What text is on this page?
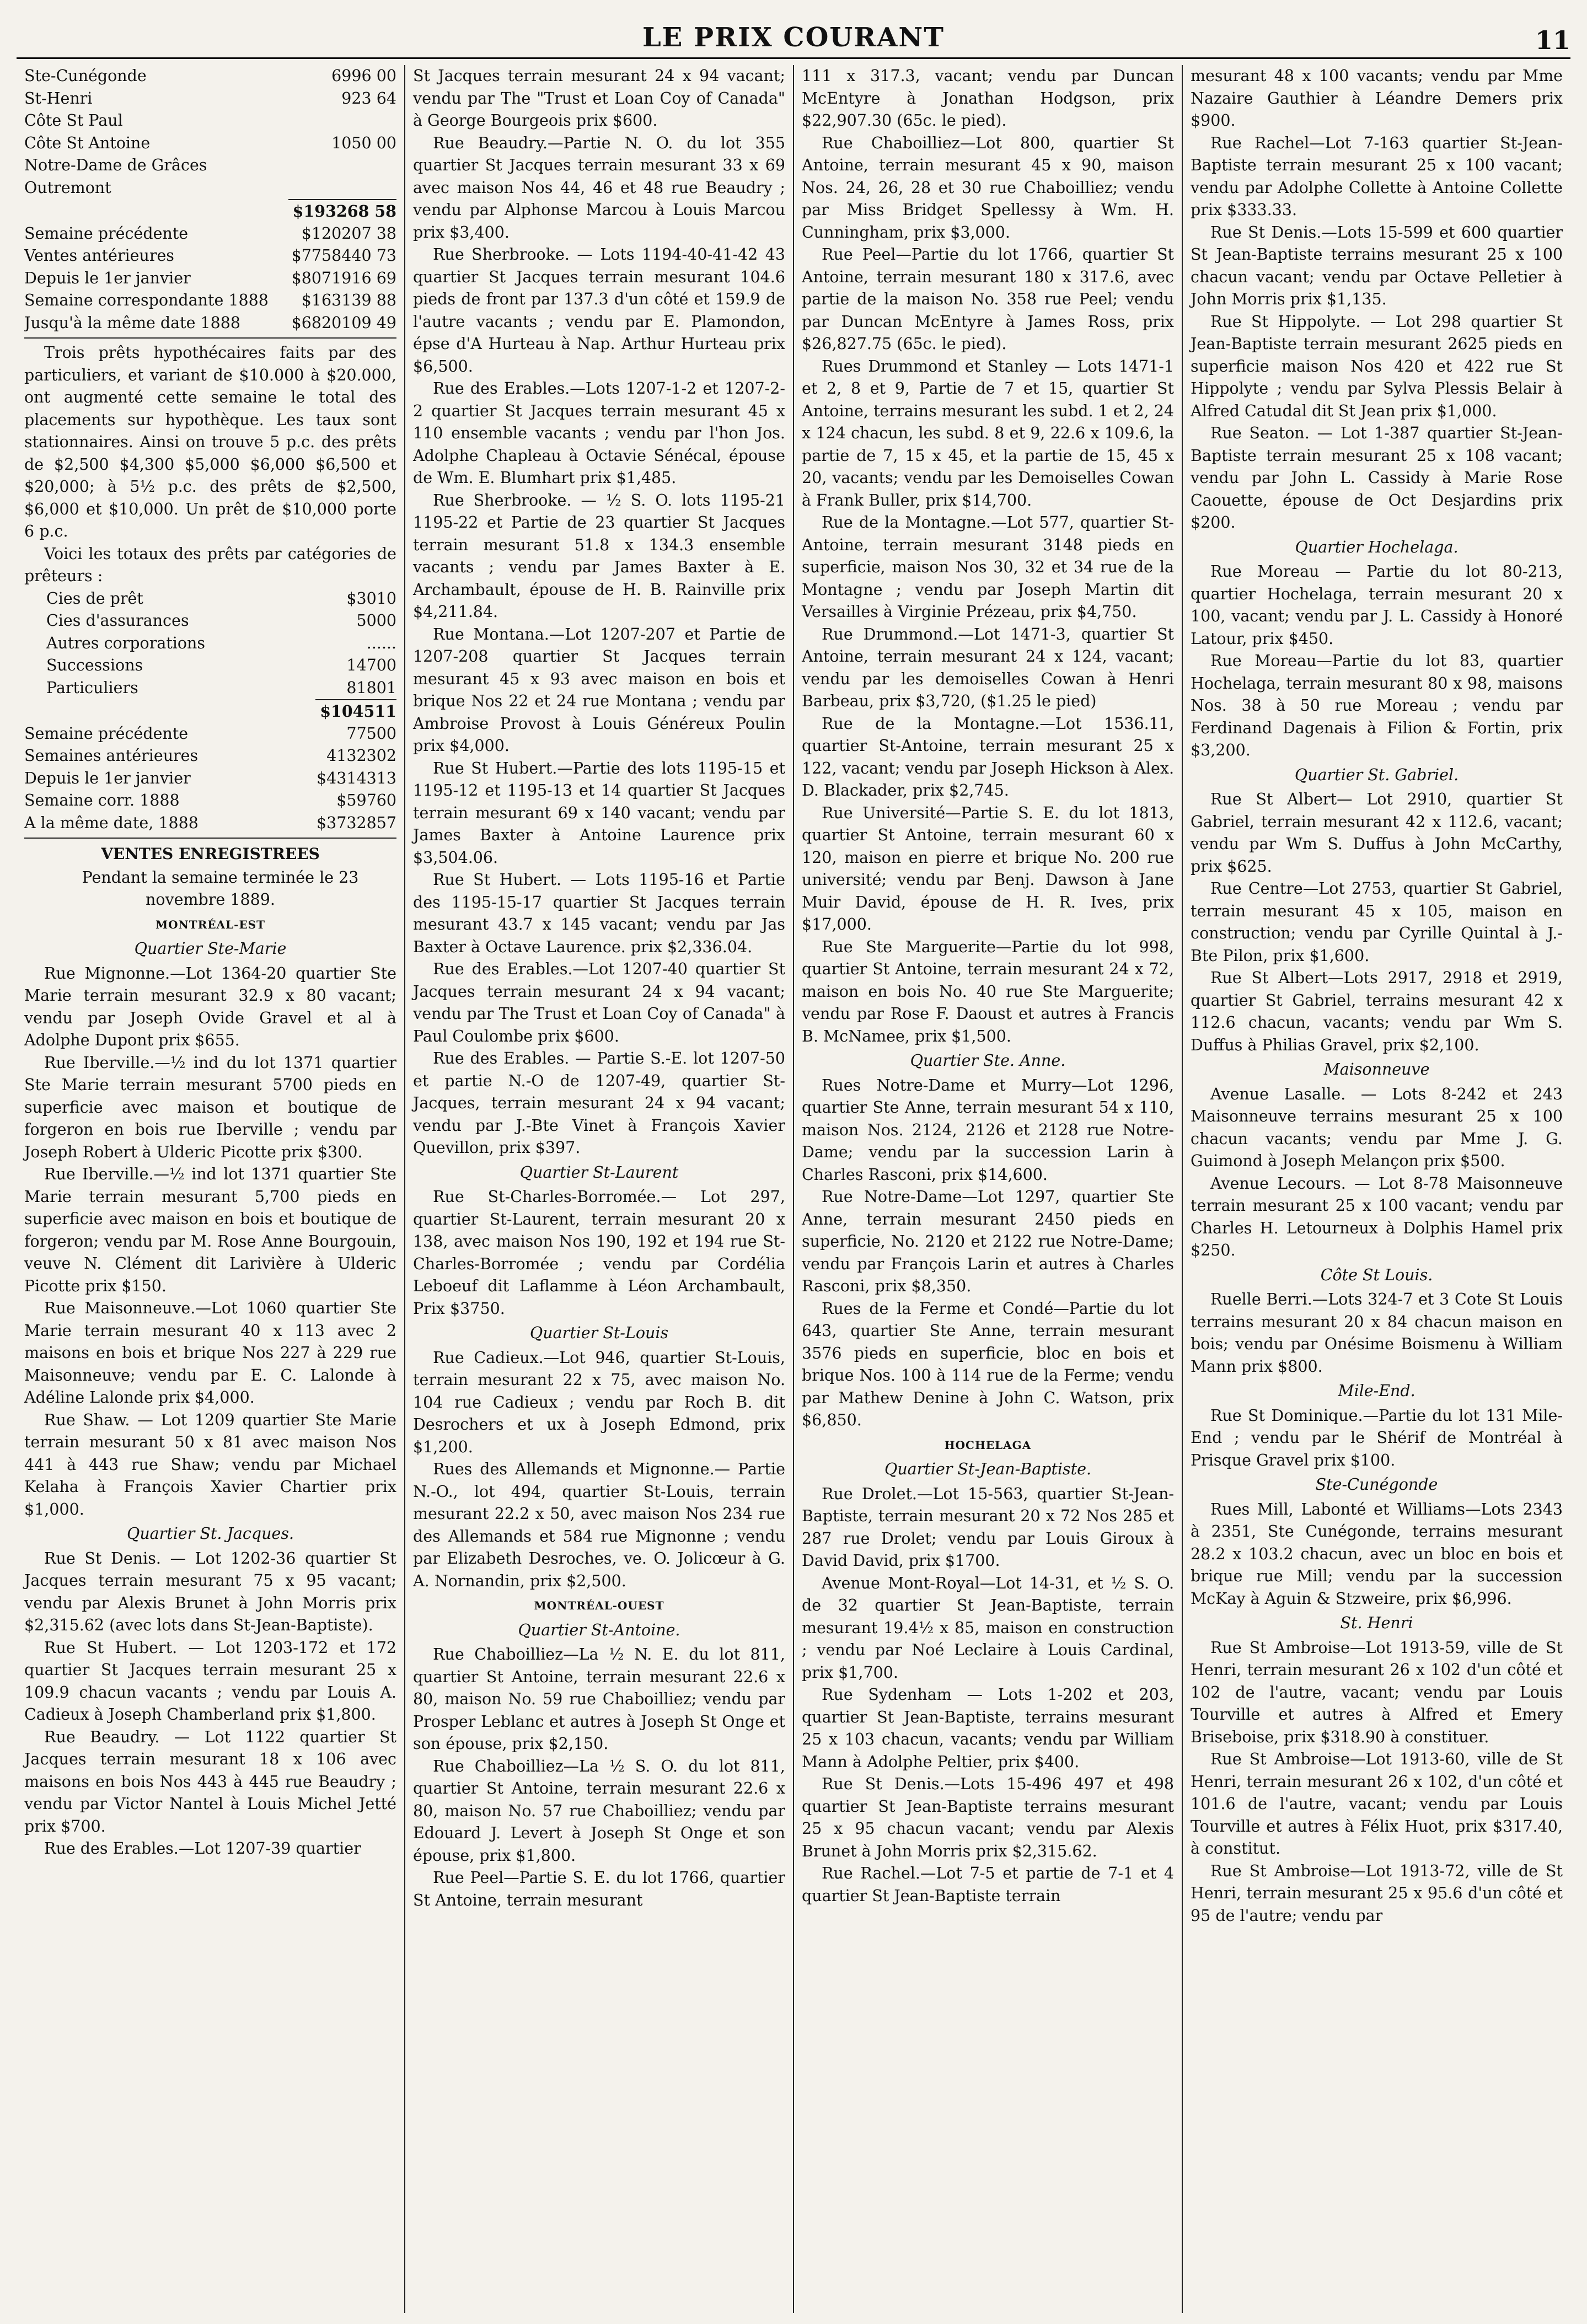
LE PRIX COURANT	11
Ste-Cunégonde	6996 00
St-Henri	923 64
Côte St Paul
Côte St Antoine	1050 00
Notre-Dame de Grâces
Outremont
$193268 58
Semaine précédente	$120207 38
Ventes antérieures	$7758440 73
Depuis le 1er janvier	$8071916 69
Semaine correspondante 1888 $163139 88
Jusqu'à la même date 1888	$6820109 49

Trois prêts hypothécaires faits par des particuliers, et variant de $10.000 à $20.000, ont augmenté cette semaine le total des placements sur hypothèque. Les taux sont stationnaires. Ainsi on trouve 5 p.c. des prêts de $2,500 $4,300 $5,000 $6,000 $6,500 et $20,000; à 5½ p.c. des prêts de $2,500, $6,000 et $10,000. Un prêt de $10,000 porte 6 p.c.

Voici les totaux des prêts par catégories de prêteurs :

Cies de prêt	$3010
Cies d'assurances	5000
Autres corporations	......
Successions	14700
Particuliers	81801
$104511
Semaine précédente	77500
Semaines antérieures	4132302
Depuis le 1er janvier	$4314313
Semaine corr. 1888	$59760
A la même date, 1888	$3732857
VENTES ENREGISTREES

Pendant la semaine terminée le 23 novembre 1889.

MONTRÉAL-EST
Quartier Ste-Marie

Rue Mignonne.—Lot 1364-20 quartier Ste Marie terrain mesurant 32.9 x 80 vacant; vendu par Joseph Ovide Gravel et al à Adolphe Dupont prix $655.

Rue Iberville.—½ ind du lot 1371 quartier Ste Marie terrain mesurant 5700 pieds en superficie avec maison et boutique de forgeron en bois rue Iberville ; vendu par Joseph Robert à Ulderic Picotte prix $300.

Rue Iberville.—½ ind lot 1371 quartier Ste Marie terrain mesurant 5,700 pieds en superficie avec maison en bois et boutique de forgeron; vendu par M. Rose Anne Bourgouin, veuve N. Clément dit Larivière à Ulderic Picotte prix $150.

Rue Maisonneuve.—Lot 1060 quartier Ste Marie terrain mesurant 40 x 113 avec 2 maisons en bois et brique Nos 227 à 229 rue Maisonneuve; vendu par E. C. Lalonde à Adéline Lalonde prix $4,000.

Rue Shaw. — Lot 1209 quartier Ste Marie terrain mesurant 50 x 81 avec maison Nos 441 à 443 rue Shaw; vendu par Michael Kelaha à François Xavier Chartier prix $1,000.

Quartier St. Jacques.

Rue St Denis. — Lot 1202-36 quartier St Jacques terrain mesurant 75 x 95 vacant; vendu par Alexis Brunet à John Morris prix $2,315.62 (avec lots dans St-Jean-Baptiste).

Rue St Hubert. — Lot 1203-172 et 172 quartier St Jacques terrain mesurant 25 x 109.9 chacun vacants ; vendu par Louis A. Cadieux à Joseph Chamberland prix $1,800.

Rue Beaudry. — Lot 1122 quartier St Jacques terrain mesurant 18 x 106 avec maisons en bois Nos 443 à 445 rue Beaudry ; vendu par Victor Nantel à Louis Michel Jetté prix $700.

Rue des Erables.—Lot 1207-39 quartier

St Jacques terrain mesurant 24 x 94 vacant; vendu par The "Trust et Loan Coy of Canada" à George Bourgeois prix $600.

Rue Beaudry.—Partie N. O. du lot 355 quartier St Jacques terrain mesurant 33 x 69 avec maison Nos 44, 46 et 48 rue Beaudry ; vendu par Alphonse Marcou à Louis Marcou prix $3,400.

Rue Sherbrooke. — Lots 1194-40-41-42 43 quartier St Jacques terrain mesurant 104.6 pieds de front par 137.3 d'un côté et 159.9 de l'autre vacants ; vendu par E. Plamondon, épse d'A Hurteau à Nap. Arthur Hurteau prix $6,500.

Rue des Erables.—Lots 1207-1-2 et 1207-2-2 quartier St Jacques terrain mesurant 45 x 110 ensemble vacants ; vendu par l'hon Jos. Adolphe Chapleau à Octavie Sénécal, épouse de Wm. E. Blumhart prix $1,485.

Rue Sherbrooke. — ½ S. O. lots 1195-21 1195-22 et Partie de 23 quartier St Jacques terrain mesurant 51.8 x 134.3 ensemble vacants ; vendu par James Baxter à E. Archambault, épouse de H. B. Rainville prix $4,211.84.

Rue Montana.—Lot 1207-207 et Partie de 1207-208 quartier St Jacques terrain mesurant 45 x 93 avec maison en bois et brique Nos 22 et 24 rue Montana ; vendu par Ambroise Provost à Louis Généreux Poulin prix $4,000.

Rue St Hubert.—Partie des lots 1195-15 et 1195-12 et 1195-13 et 14 quartier St Jacques terrain mesurant 69 x 140 vacant; vendu par James Baxter à Antoine Laurence prix $3,504.06.

Rue St Hubert. — Lots 1195-16 et Partie des 1195-15-17 quartier St Jacques terrain mesurant 43.7 x 145 vacant; vendu par Jas Baxter à Octave Laurence. prix $2,336.04.

Rue des Erables.—Lot 1207-40 quartier St Jacques terrain mesurant 24 x 94 vacant; vendu par The Trust et Loan Coy of Canada" à Paul Coulombe prix $600.

Rue des Erables. — Partie S.-E. lot 1207-50 et partie N.-O de 1207-49, quartier St-Jacques, terrain mesurant 24 x 94 vacant; vendu par J.-Bte Vinet à François Xavier Quevillon, prix $397.

Quartier St-Laurent

Rue St-Charles-Borromée.— Lot 297, quartier St-Laurent, terrain mesurant 20 x 138, avec maison Nos 190, 192 et 194 rue St-Charles-Borromée ; vendu par Cordélia Leboeuf dit Laflamme à Léon Archambault, Prix $3750.

Quartier St-Louis

Rue Cadieux.—Lot 946, quartier St-Louis, terrain mesurant 22 x 75, avec maison No. 104 rue Cadieux ; vendu par Roch B. dit Desrochers et ux à Joseph Edmond, prix $1,200.

Rues des Allemands et Mignonne.— Partie N.-O., lot 494, quartier St-Louis, terrain mesurant 22.2 x 50, avec maison Nos 234 rue des Allemands et 584 rue Mignonne ; vendu par Elizabeth Desroches, ve. O. Jolicœur à G. A. Nornandin, prix $2,500.

MONTRÉAL-OUEST
Quartier St-Antoine.

Rue Chaboilliez—La ½ N. E. du lot 811, quartier St Antoine, terrain mesurant 22.6 x 80, maison No. 59 rue Chaboilliez; vendu par Prosper Leblanc et autres à Joseph St Onge et son épouse, prix $2,150.

Rue Chaboilliez—La ½ S. O. du lot 811, quartier St Antoine, terrain mesurant 22.6 x 80, maison No. 57 rue Chaboilliez; vendu par Edouard J. Levert à Joseph St Onge et son épouse, prix $1,800.

Rue Peel—Partie S. E. du lot 1766, quartier St Antoine, terrain mesurant

111 x 317.3, vacant; vendu par Duncan McEntyre à Jonathan Hodgson, prix $22,907.30 (65c. le pied).

Rue Chaboilliez—Lot 800, quartier St Antoine, terrain mesurant 45 x 90, maison Nos. 24, 26, 28 et 30 rue Chaboilliez; vendu par Miss Bridget Spellessy à Wm. H. Cunningham, prix $3,000.

Rue Peel—Partie du lot 1766, quartier St Antoine, terrain mesurant 180 x 317.6, avec partie de la maison No. 358 rue Peel; vendu par Duncan McEntyre à James Ross, prix $26,827.75 (65c. le pied).

Rues Drummond et Stanley — Lots 1471-1 et 2, 8 et 9, Partie de 7 et 15, quartier St Antoine, terrains mesurant les subd. 1 et 2, 24 x 124 chacun, les subd. 8 et 9, 22.6 x 109.6, la partie de 7, 15 x 45, et la partie de 15, 45 x 20, vacants; vendu par les Demoiselles Cowan à Frank Buller, prix $14,700.

Rue de la Montagne.—Lot 577, quartier St-Antoine, terrain mesurant 3148 pieds en superficie, maison Nos 30, 32 et 34 rue de la Montagne ; vendu par Joseph Martin dit Versailles à Virginie Prézeau, prix $4,750.

Rue Drummond.—Lot 1471-3, quartier St Antoine, terrain mesurant 24 x 124, vacant; vendu par les demoiselles Cowan à Henri Barbeau, prix $3,720, ($1.25 le pied)

Rue de la Montagne.—Lot 1536.11, quartier St-Antoine, terrain mesurant 25 x 122, vacant; vendu par Joseph Hickson à Alex. D. Blackader, prix $2,745.

Rue Université—Partie S. E. du lot 1813, quartier St Antoine, terrain mesurant 60 x 120, maison en pierre et brique No. 200 rue université; vendu par Benj. Dawson à Jane Muir David, épouse de H. R. Ives, prix $17,000.

Rue Ste Marguerite—Partie du lot 998, quartier St Antoine, terrain mesurant 24 x 72, maison en bois No. 40 rue Ste Marguerite; vendu par Rose F. Daoust et autres à Francis B. McNamee, prix $1,500.

Quartier Ste. Anne.

Rues Notre-Dame et Murry—Lot 1296, quartier Ste Anne, terrain mesurant 54 x 110, maison Nos. 2124, 2126 et 2128 rue Notre-Dame; vendu par la succession Larin à Charles Rasconi, prix $14,600.

Rue Notre-Dame—Lot 1297, quartier Ste Anne, terrain mesurant 2450 pieds en superficie, No. 2120 et 2122 rue Notre-Dame; vendu par François Larin et autres à Charles Rasconi, prix $8,350.

Rues de la Ferme et Condé—Partie du lot 643, quartier Ste Anne, terrain mesurant 3576 pieds en superficie, bloc en bois et brique Nos. 100 à 114 rue de la Ferme; vendu par Mathew Denine à John C. Watson, prix $6,850.

HOCHELAGA
Quartier St-Jean-Baptiste.

Rue Drolet.—Lot 15-563, quartier St-Jean-Baptiste, terrain mesurant 20 x 72 Nos 285 et 287 rue Drolet; vendu par Louis Giroux à David David, prix $1700.

Avenue Mont-Royal—Lot 14-31, et ½ S. O. de 32 quartier St Jean-Baptiste, terrain mesurant 19.4½ x 85, maison en construction ; vendu par Noé Leclaire à Louis Cardinal, prix $1,700.

Rue Sydenham — Lots 1-202 et 203, quartier St Jean-Baptiste, terrains mesurant 25 x 103 chacun, vacants; vendu par William Mann à Adolphe Peltier, prix $400.

Rue St Denis.—Lots 15-496 497 et 498 quartier St Jean-Baptiste terrains mesurant 25 x 95 chacun vacant; vendu par Alexis Brunet à John Morris prix $2,315.62.

Rue Rachel.—Lot 7-5 et partie de 7-1 et 4 quartier St Jean-Baptiste terrain

mesurant 48 x 100 vacants; vendu par Mme Nazaire Gauthier à Léandre Demers prix $900.

Rue Rachel—Lot 7-163 quartier St-Jean-Baptiste terrain mesurant 25 x 100 vacant; vendu par Adolphe Collette à Antoine Collette prix $333.33.

Rue St Denis.—Lots 15-599 et 600 quartier St Jean-Baptiste terrains mesurant 25 x 100 chacun vacant; vendu par Octave Pelletier à John Morris prix $1,135.

Rue St Hippolyte. — Lot 298 quartier St Jean-Baptiste terrain mesurant 2625 pieds en superficie maison Nos 420 et 422 rue St Hippolyte ; vendu par Sylva Plessis Belair à Alfred Catudal dit St Jean prix $1,000.

Rue Seaton. — Lot 1-387 quartier St-Jean-Baptiste terrain mesurant 25 x 108 vacant; vendu par John L. Cassidy à Marie Rose Caouette, épouse de Oct Desjardins prix $200.

Quartier Hochelaga.

Rue Moreau — Partie du lot 80-213, quartier Hochelaga, terrain mesurant 20 x 100, vacant; vendu par J. L. Cassidy à Honoré Latour, prix $450.

Rue Moreau—Partie du lot 83, quartier Hochelaga, terrain mesurant 80 x 98, maisons Nos. 38 à 50 rue Moreau ; vendu par Ferdinand Dagenais à Filion & Fortin, prix $3,200.

Quartier St. Gabriel.

Rue St Albert— Lot 2910, quartier St Gabriel, terrain mesurant 42 x 112.6, vacant; vendu par Wm S. Duffus à John McCarthy, prix $625.

Rue Centre—Lot 2753, quartier St Gabriel, terrain mesurant 45 x 105, maison en construction; vendu par Cyrille Quintal à J.-Bte Pilon, prix $1,600.

Rue St Albert—Lots 2917, 2918 et 2919, quartier St Gabriel, terrains mesurant 42 x 112.6 chacun, vacants; vendu par Wm S. Duffus à Philias Gravel, prix $2,100.

Maisonneuve

Avenue Lasalle. — Lots 8-242 et 243 Maisonneuve terrains mesurant 25 x 100 chacun vacants; vendu par Mme J. G. Guimond à Joseph Melançon prix $500.

Avenue Lecours. — Lot 8-78 Maisonneuve terrain mesurant 25 x 100 vacant; vendu par Charles H. Letourneux à Dolphis Hamel prix $250.

Côte St Louis.

Ruelle Berri.—Lots 324-7 et 3 Cote St Louis terrains mesurant 20 x 84 chacun maison en bois; vendu par Onésime Boismenu à William Mann prix $800.

Mile-End.

Rue St Dominique.—Partie du lot 131 Mile-End ; vendu par le Shérif de Montréal à Prisque Gravel prix $100.

Ste-Cunégonde

Rues Mill, Labonté et Williams—Lots 2343 à 2351, Ste Cunégonde, terrains mesurant 28.2 x 103.2 chacun, avec un bloc en bois et brique rue Mill; vendu par la succession McKay à Aguin & Stzweire, prix $6,996.

St. Henri

Rue St Ambroise—Lot 1913-59, ville de St Henri, terrain mesurant 26 x 102 d'un côté et 102 de l'autre, vacant; vendu par Louis Tourville et autres à Alfred et Emery Briseboise, prix $318.90 à constituer.

Rue St Ambroise—Lot 1913-60, ville de St Henri, terrain mesurant 26 x 102, d'un côté et 101.6 de l'autre, vacant; vendu par Louis Tourville et autres à Félix Huot, prix $317.40, à constitut.

Rue St Ambroise—Lot 1913-72, ville de St Henri, terrain mesurant 25 x 95.6 d'un côté et 95 de l'autre; vendu par
